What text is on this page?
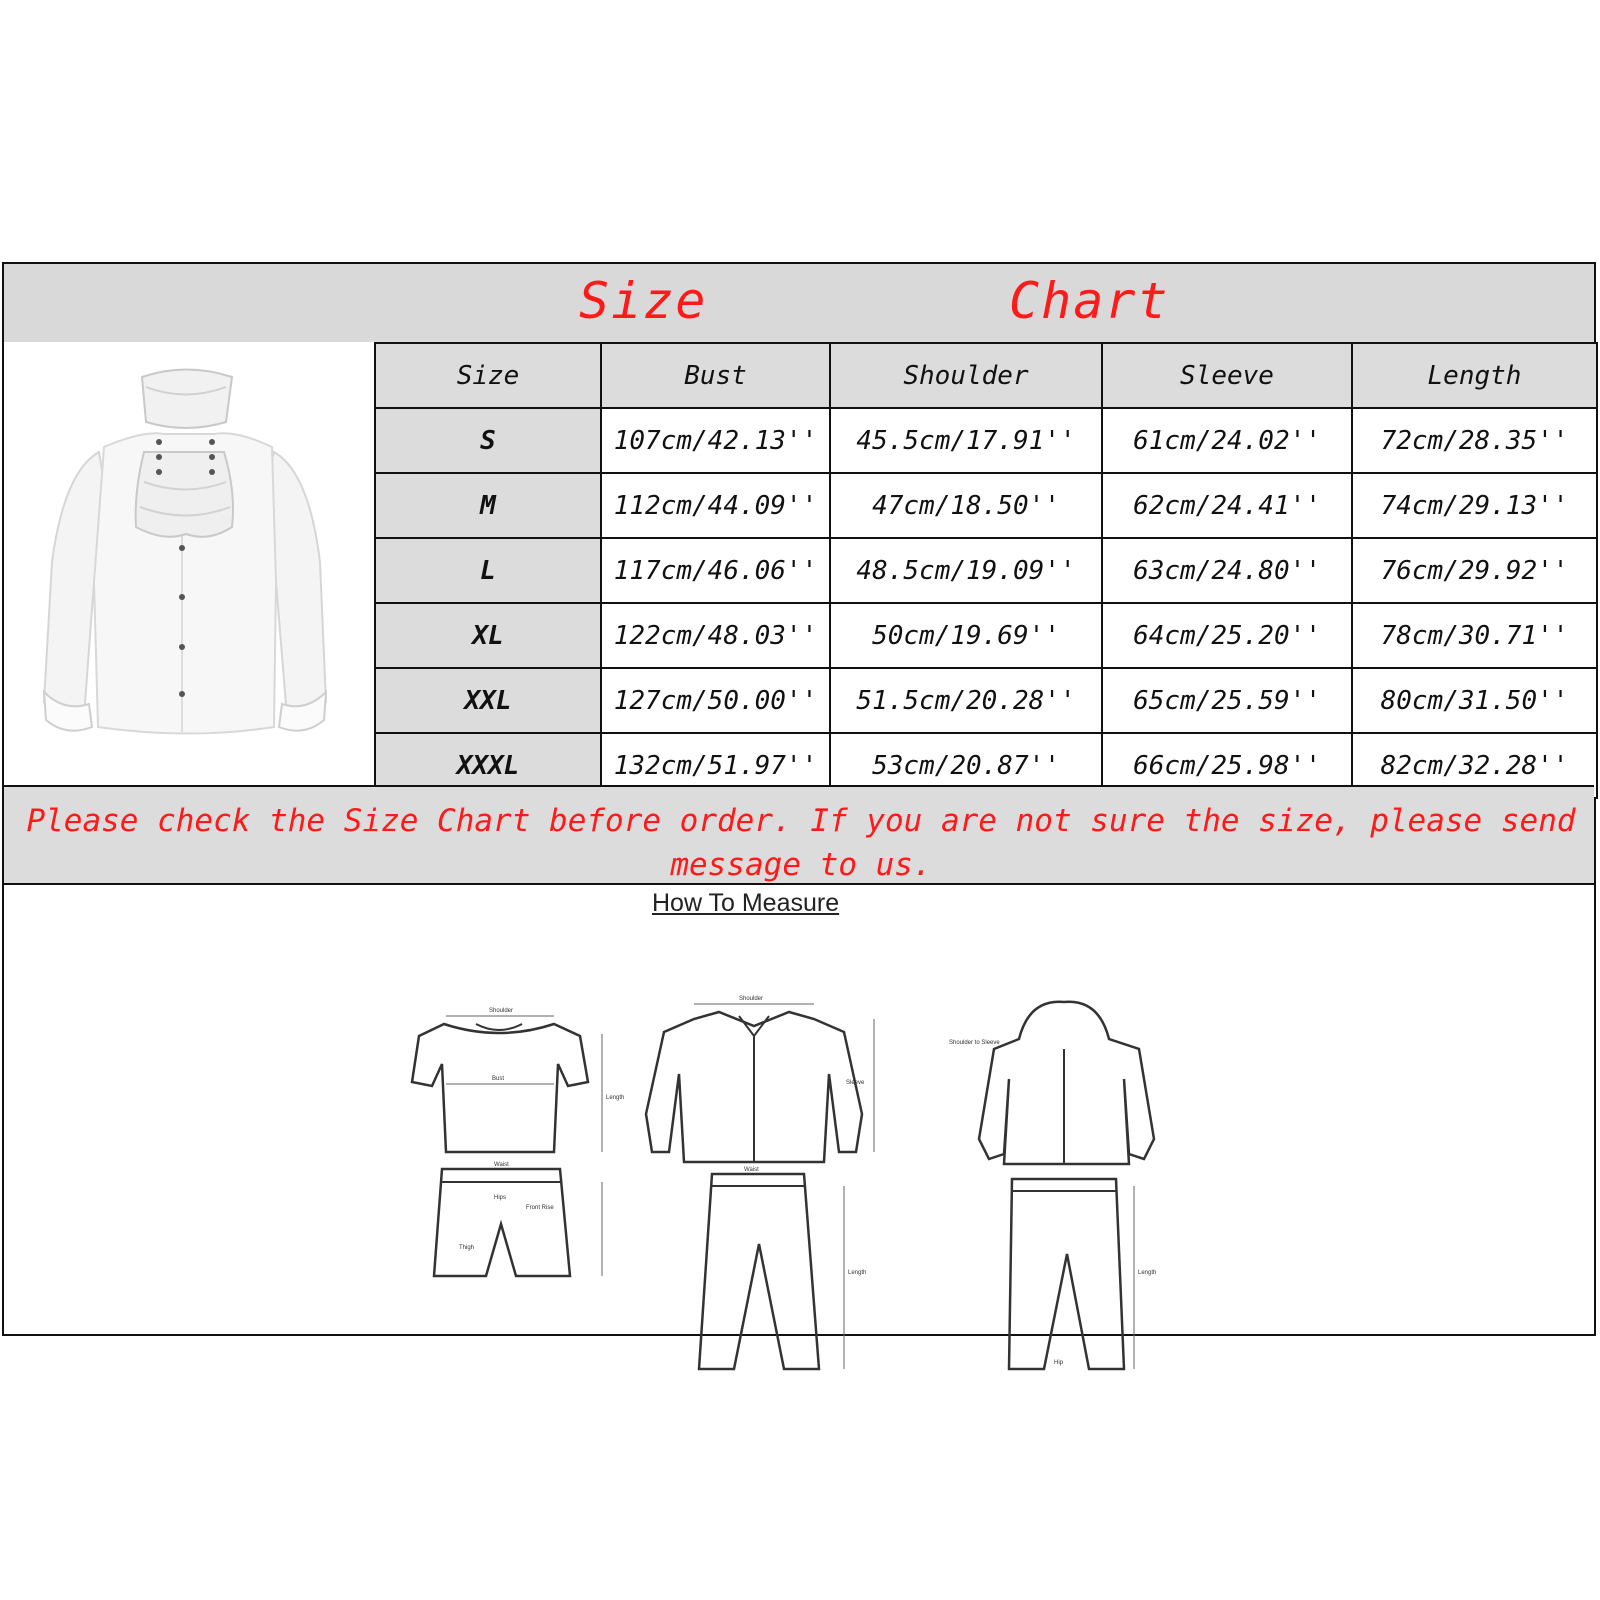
Size	Chart
Size	Bust	Shoulder	Sleeve	Length
S	107cm/42.13''	45.5cm/17.91''	61cm/24.02''	72cm/28.35''
M	112cm/44.09''	47cm/18.50''	62cm/24.41''	74cm/29.13''
L	117cm/46.06''	48.5cm/19.09''	63cm/24.80''	76cm/29.92''
XL	122cm/48.03''	50cm/19.69''	64cm/25.20''	78cm/30.71''
XXL	127cm/50.00''	51.5cm/20.28''	65cm/25.59''	80cm/31.50''
XXXL	132cm/51.97''	53cm/20.87''	66cm/25.98''	82cm/32.28''
Please check the Size Chart before order. If you are not sure the size, please send message to us.
How To Measure
Shoulder
Bust
Length
Waist
Hips
Front Rise
Thigh
Shoulder
Sleeve
Waist
Length
Shoulder to Sleeve
Hip
Length
